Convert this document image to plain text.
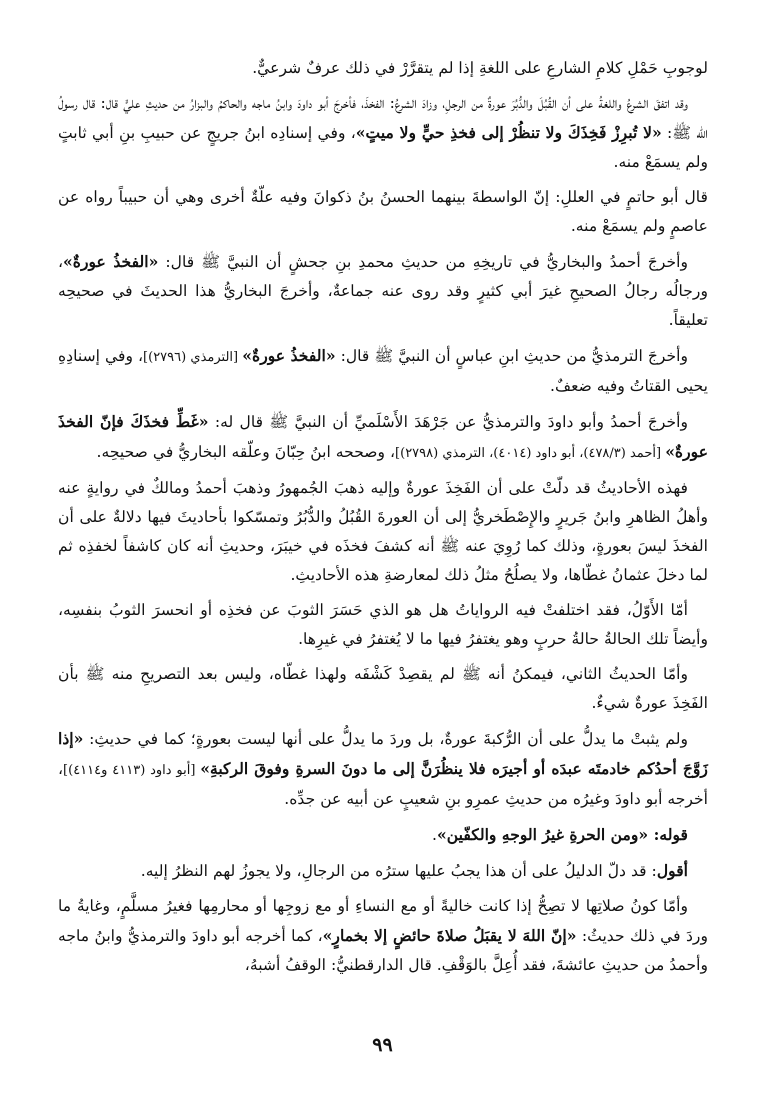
لوجوبِ حَمْلِ كلامِ الشارعِ على اللغةِ إذا لم يتقرَّرْ في ذلك عرفٌ شرعيٌّ.

وقد اتفقَ الشرعُ واللغةُ على أن القُبُلَ والدُّبُرَ عورةٌ من الرجلِ، وزادَ الشرعُ: الفخذَ، فأخرجَ أبو داودَ وابنُ ماجه والحاكمُ والبزارُ من حديثِ عليٍّ قال: قال رسولُ الله ﷺ: «لا تُبرِزْ فَخِذَكَ ولا تنظُرْ إلى فخذِ حيٍّ ولا ميتٍ»، وفي إسنادِه ابنُ جريجٍ عن حبيبِ بنِ أبي ثابتٍ ولم يسمَعْ منه.

قال أبو حاتمٍ في العللِ: إنّ الواسطةَ بينهما الحسنُ بنُ ذكوانَ وفيه علّةٌ أخرى وهي أن حبيباً رواه عن عاصمٍ ولم يسمَعْ منه.

وأخرجَ أحمدُ والبخاريُّ في تاريخِهِ من حديثِ محمدِ بنِ جحشٍ أن النبيَّ ﷺ قال: «الفخذُ عورةٌ»، ورجالُه رجالُ الصحيحِ غيرَ أبي كثيرٍ وقد روى عنه جماعةٌ، وأخرجَ البخاريُّ هذا الحديثَ في صحيحِه تعليقاً.

وأخرجَ الترمذيُّ من حديثِ ابنِ عباسٍ أن النبيَّ ﷺ قال: «الفخذُ عورةٌ» [الترمذي (٢٧٩٦)]، وفي إسنادِهِ يحيى القتاتُ وفيه ضعفٌ.

وأخرجَ أحمدُ وأبو داودَ والترمذيُّ عن جَرْهَدَ الأَسْلَميِّ أن النبيَّ ﷺ قال له: «غَطِّ فخذَكَ فإنّ الفخذَ عورةٌ» [أحمد (٤٧٨/٣)، أبو داود (٤٠١٤)، الترمذي (٢٧٩٨)]، وصححه ابنُ حِبّانَ وعلّقه البخاريُّ في صحيحِه.

فهذه الأحاديثُ قد دلّتْ على أن الفَخِذَ عورةٌ وإليه ذهبَ الجُمهورُ وذهبَ أحمدُ ومالكٌ في روايةٍ عنه وأهلُ الظاهرِ وابنُ جَريرٍ والإِصْطَخريُّ إلى أن العورةَ القُبُلُ والدُّبُرُ وتمسّكوا بأحاديثَ فيها دلالةٌ على أن الفخذَ ليسَ بعورةٍ، وذلك كما رُوِيَ عنه ﷺ أنه كشفَ فخذَه في خيبَرَ، وحديثِ أنه كان كاشفاً لخفذِه ثم لما دخلَ عثمانُ غطّاها، ولا يصلُحُ مثلُ ذلك لمعارضةِ هذه الأحاديثِ.

أمّا الأَوّلُ، فقد اختلفتْ فيه الرواياتُ هل هو الذي حَسَرَ الثوبَ عن فخذِه أو انحسرَ الثوبُ بنفسِه، وأيضاً تلك الحالةُ حالةُ حربٍ وهو يغتفرُ فيها ما لا يُغتفرُ في غيرِها.

وأمّا الحديثُ الثاني، فيمكنُ أنه ﷺ لم يقصِدْ كَشْفَه ولهذا غطّاه، وليس بعد التصريحِ منه ﷺ بأن الفَخِذَ عورةٌ شيءٌ.

ولم يثبتْ ما يدلُّ على أن الرُّكبةَ عورةٌ، بل وردَ ما يدلُّ على أنها ليست بعورةٍ؛ كما في حديثِ: «إذا زَوَّجَ أحدُكم خادمتَه عبدَه أو أجيرَه فلا ينظُرَنَّ إلى ما دونَ السرةِ وفوقَ الركبةِ» [أبو داود (٤١١٣ و٤١١٤)]، أخرجه أبو داودَ وغيرُه من حديثِ عمرِو بنِ شعيبٍ عن أبيه عن جدِّه.

قوله: «ومن الحرةِ غيرُ الوجهِ والكفّين».

أقول: قد دلّ الدليلُ على أن هذا يجبُ عليها سترُه من الرجالِ، ولا يجوزُ لهم النظرُ إليه.

وأمّا كونُ صلاتِها لا تصِحُّ إذا كانت خاليةً أو مع النساءِ أو مع زوجِها أو محارمِها فغيرُ مسلَّمٍ، وغايةُ ما وردَ في ذلك حديثُ: «إنّ اللهَ لا يقبَلُ صلاةَ حائضٍ إلا بخمارٍ»، كما أخرجه أبو داودَ والترمذيُّ وابنُ ماجه وأحمدُ من حديثِ عائشةَ، فقد أُعِلَّ بالوَقْفِ. قال الدارقطنيُّ: الوقفُ أشبهُ،

٩٩
